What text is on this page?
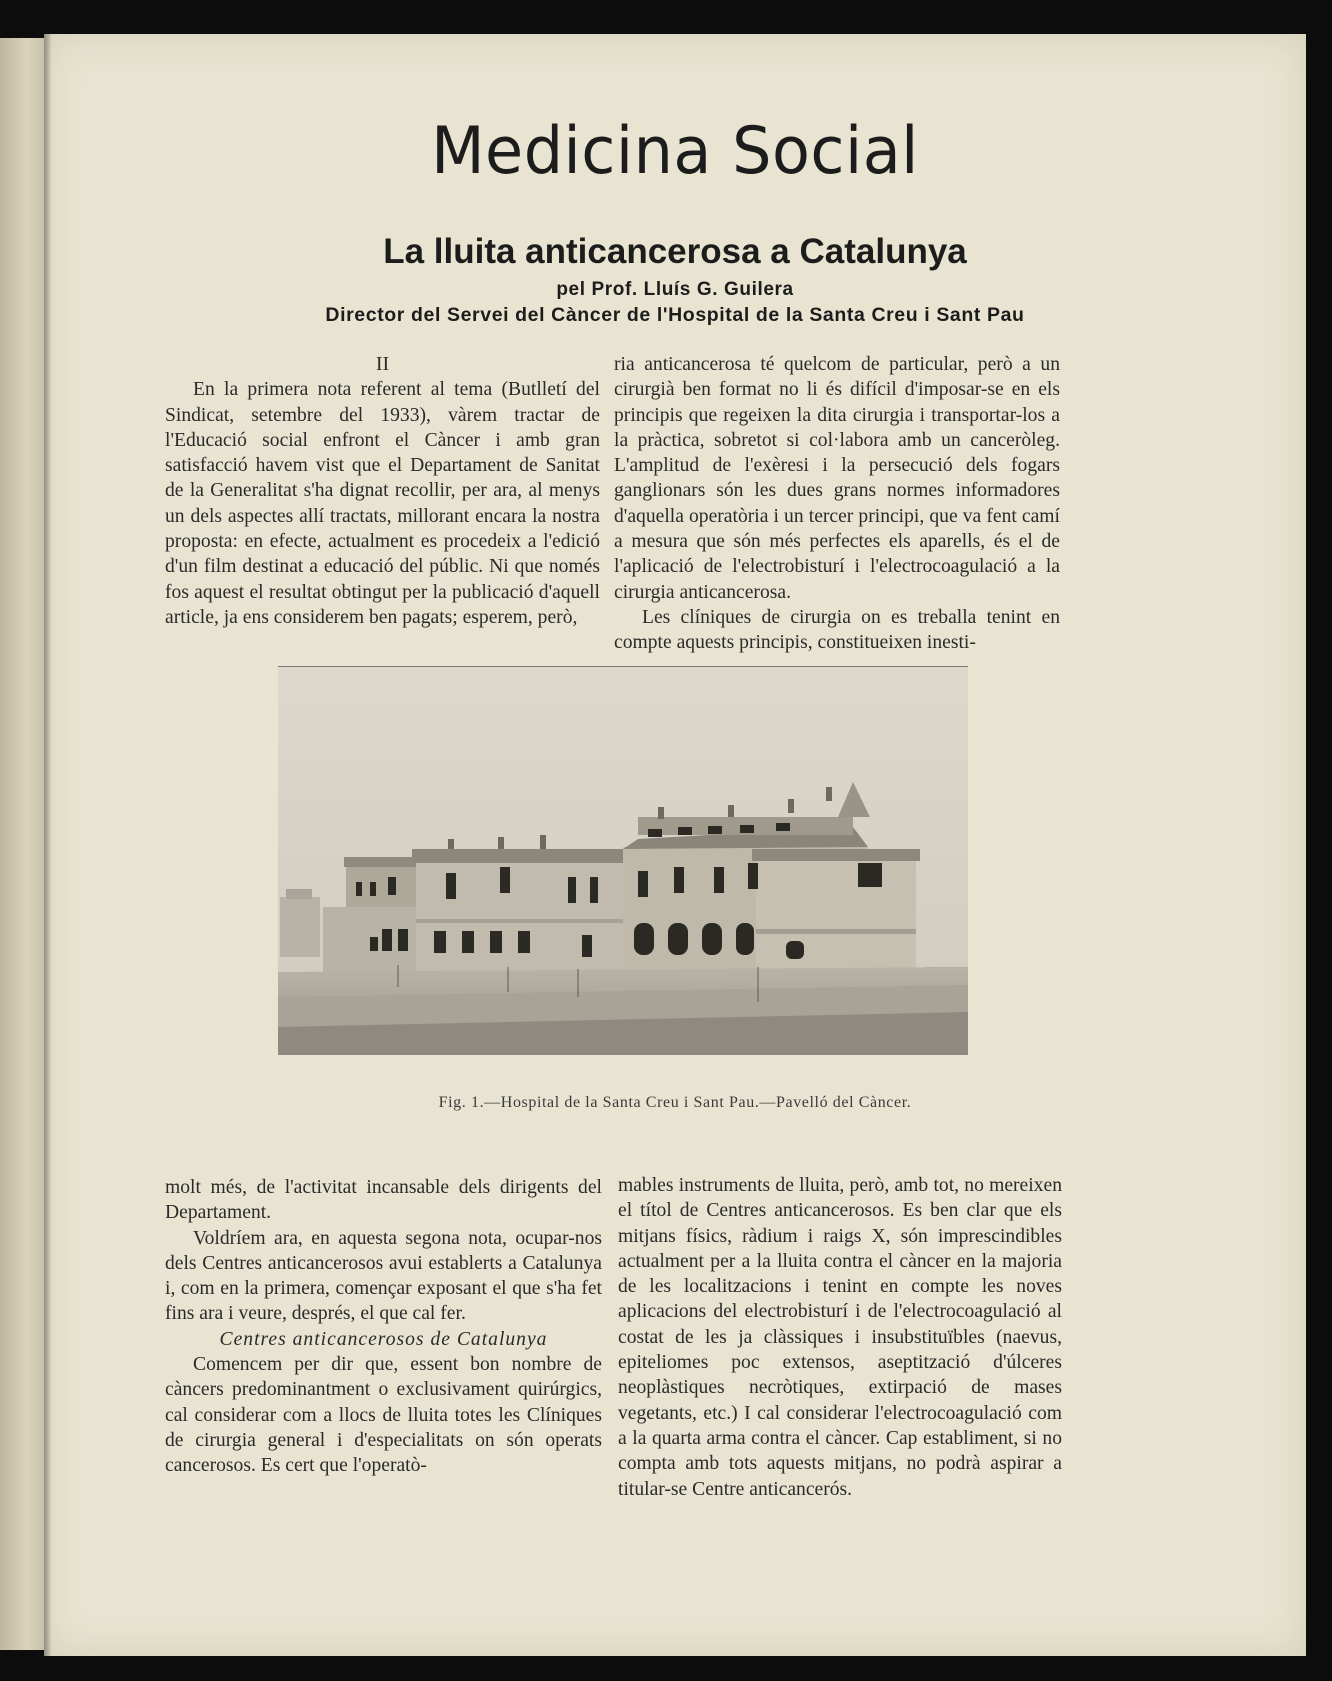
Medicina Social
La lluita anticancerosa a Catalunya
pel Prof. Lluís G. Guilera
Director del Servei del Càncer de l'Hospital de la Santa Creu i Sant Pau

II

En la primera nota referent al tema (Butlletí del Sindicat, setembre del 1933), vàrem tractar de l'Educació social enfront el Càncer i amb gran satisfacció havem vist que el Departament de Sanitat de la Generalitat s'ha dignat recollir, per ara, al menys un dels aspectes allí tractats, millorant encara la nostra proposta: en efecte, actualment es procedeix a l'edició d'un film destinat a educació del públic. Ni que només fos aquest el resultat obtingut per la publicació d'aquell article, ja ens considerem ben pagats; esperem, però,

ria anticancerosa té quelcom de particular, però a un cirurgià ben format no li és difícil d'imposar-se en els principis que regeixen la dita cirurgia i transportar-los a la pràctica, sobretot si col·labora amb un canceròleg. L'amplitud de l'exèresi i la persecució dels fogars ganglionars són les dues grans normes informadores d'aquella operatòria i un tercer principi, que va fent camí a mesura que són més perfectes els aparells, és el de l'aplicació de l'electrobisturí i l'electrocoagulació a la cirurgia anticancerosa.

Les clíniques de cirurgia on es treballa tenint en compte aquests principis, constitueixen inesti-

Fig. 1.—Hospital de la Santa Creu i Sant Pau.—Pavelló del Càncer.

molt més, de l'activitat incansable dels dirigents del Departament.

Voldríem ara, en aquesta segona nota, ocupar-nos dels Centres anticancerosos avui establerts a Catalunya i, com en la primera, començar exposant el que s'ha fet fins ara i veure, després, el que cal fer.

Centres anticancerosos de Catalunya

Comencem per dir que, essent bon nombre de càncers predominantment o exclusivament quirúrgics, cal considerar com a llocs de lluita totes les Clíniques de cirurgia general i d'especialitats on són operats cancerosos. Es cert que l'operatò-

mables instruments de lluita, però, amb tot, no mereixen el títol de Centres anticancerosos. Es ben clar que els mitjans físics, ràdium i raigs X, són imprescindibles actualment per a la lluita contra el càncer en la majoria de les localitzacions i tenint en compte les noves aplicacions del electrobisturí i de l'electrocoagulació al costat de les ja clàssiques i insubstituïbles (naevus, epiteliomes poc extensos, aseptització d'úlceres neoplàstiques necròtiques, extirpació de mases vegetants, etc.) I cal considerar l'electrocoagulació com a la quarta arma contra el càncer. Cap establiment, si no compta amb tots aquests mitjans, no podrà aspirar a titular-se Centre anticancerós.
